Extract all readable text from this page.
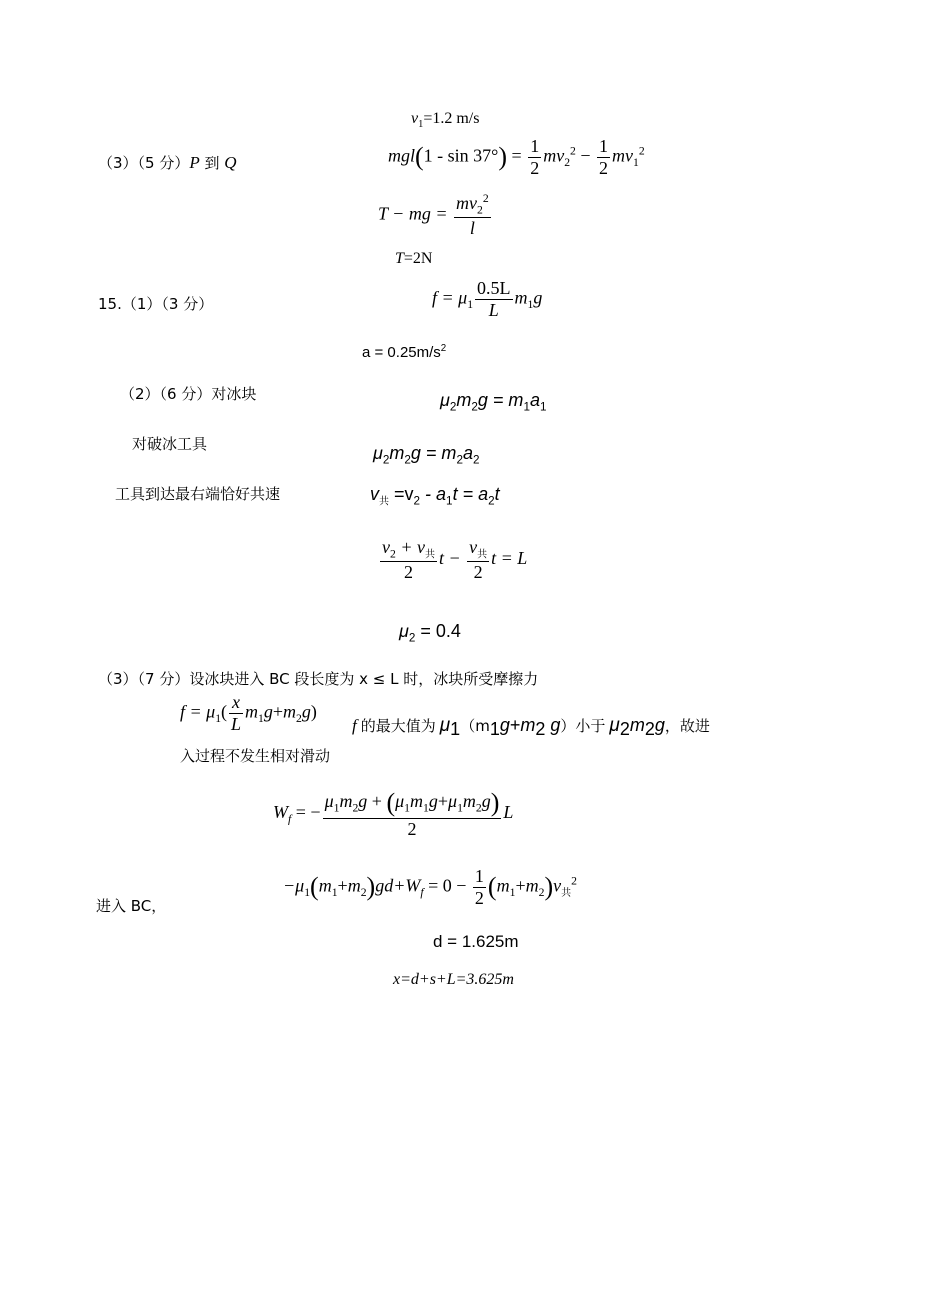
$v_1=1.2$ m/s
（3）（5 分）P 到 Q	$mgl(1 - \sin 37^\circ) = \frac{1}{2} mv_2^2 - \frac{1}{2} mv_1^2$
T − mg = $\frac{mv_2^2}{l}$
T=2N
15.（1）（3 分）	$f = \mu_1 \frac{0.5L}{L} m_1g$
$a = 0.25m/s^2$
（2）（6 分）对冰块	$\mu_2m_2g = m_1a_1$
对破冰工具	$\mu_2m_2g = m_2a_2$
工具到达最右端恰好共速	$v_共 =v_2 - a_1t = a_2t$
$\frac{v_2 + v_共}{2}$ $t - \frac{v_共}{2}$ t = L
$\mu_2 = 0.4$
（3）（7 分）设冰块进入 BC 段长度为 x ≤ L 时，冰块所受摩擦力
$f = \mu_1( \frac{x}{L} m_1g+m_2g)$
f 的最大值为 $\mu_1(m_1g+m_2$ g）小于 $\mu_2m_2g$，故进
入过程不发生相对滑动
$W_f$ = − $\frac{\mu_1m_2g + (\mu_1m_1g+\mu_1m_2g)}{2}$ L
进入 BC，
$-\mu_1(m_1+m_2)gd+W_f = 0 - \frac{1}{2} (m_1+m_2)v_共^2$
d = 1.625m
x=d+s+L=3.625m
